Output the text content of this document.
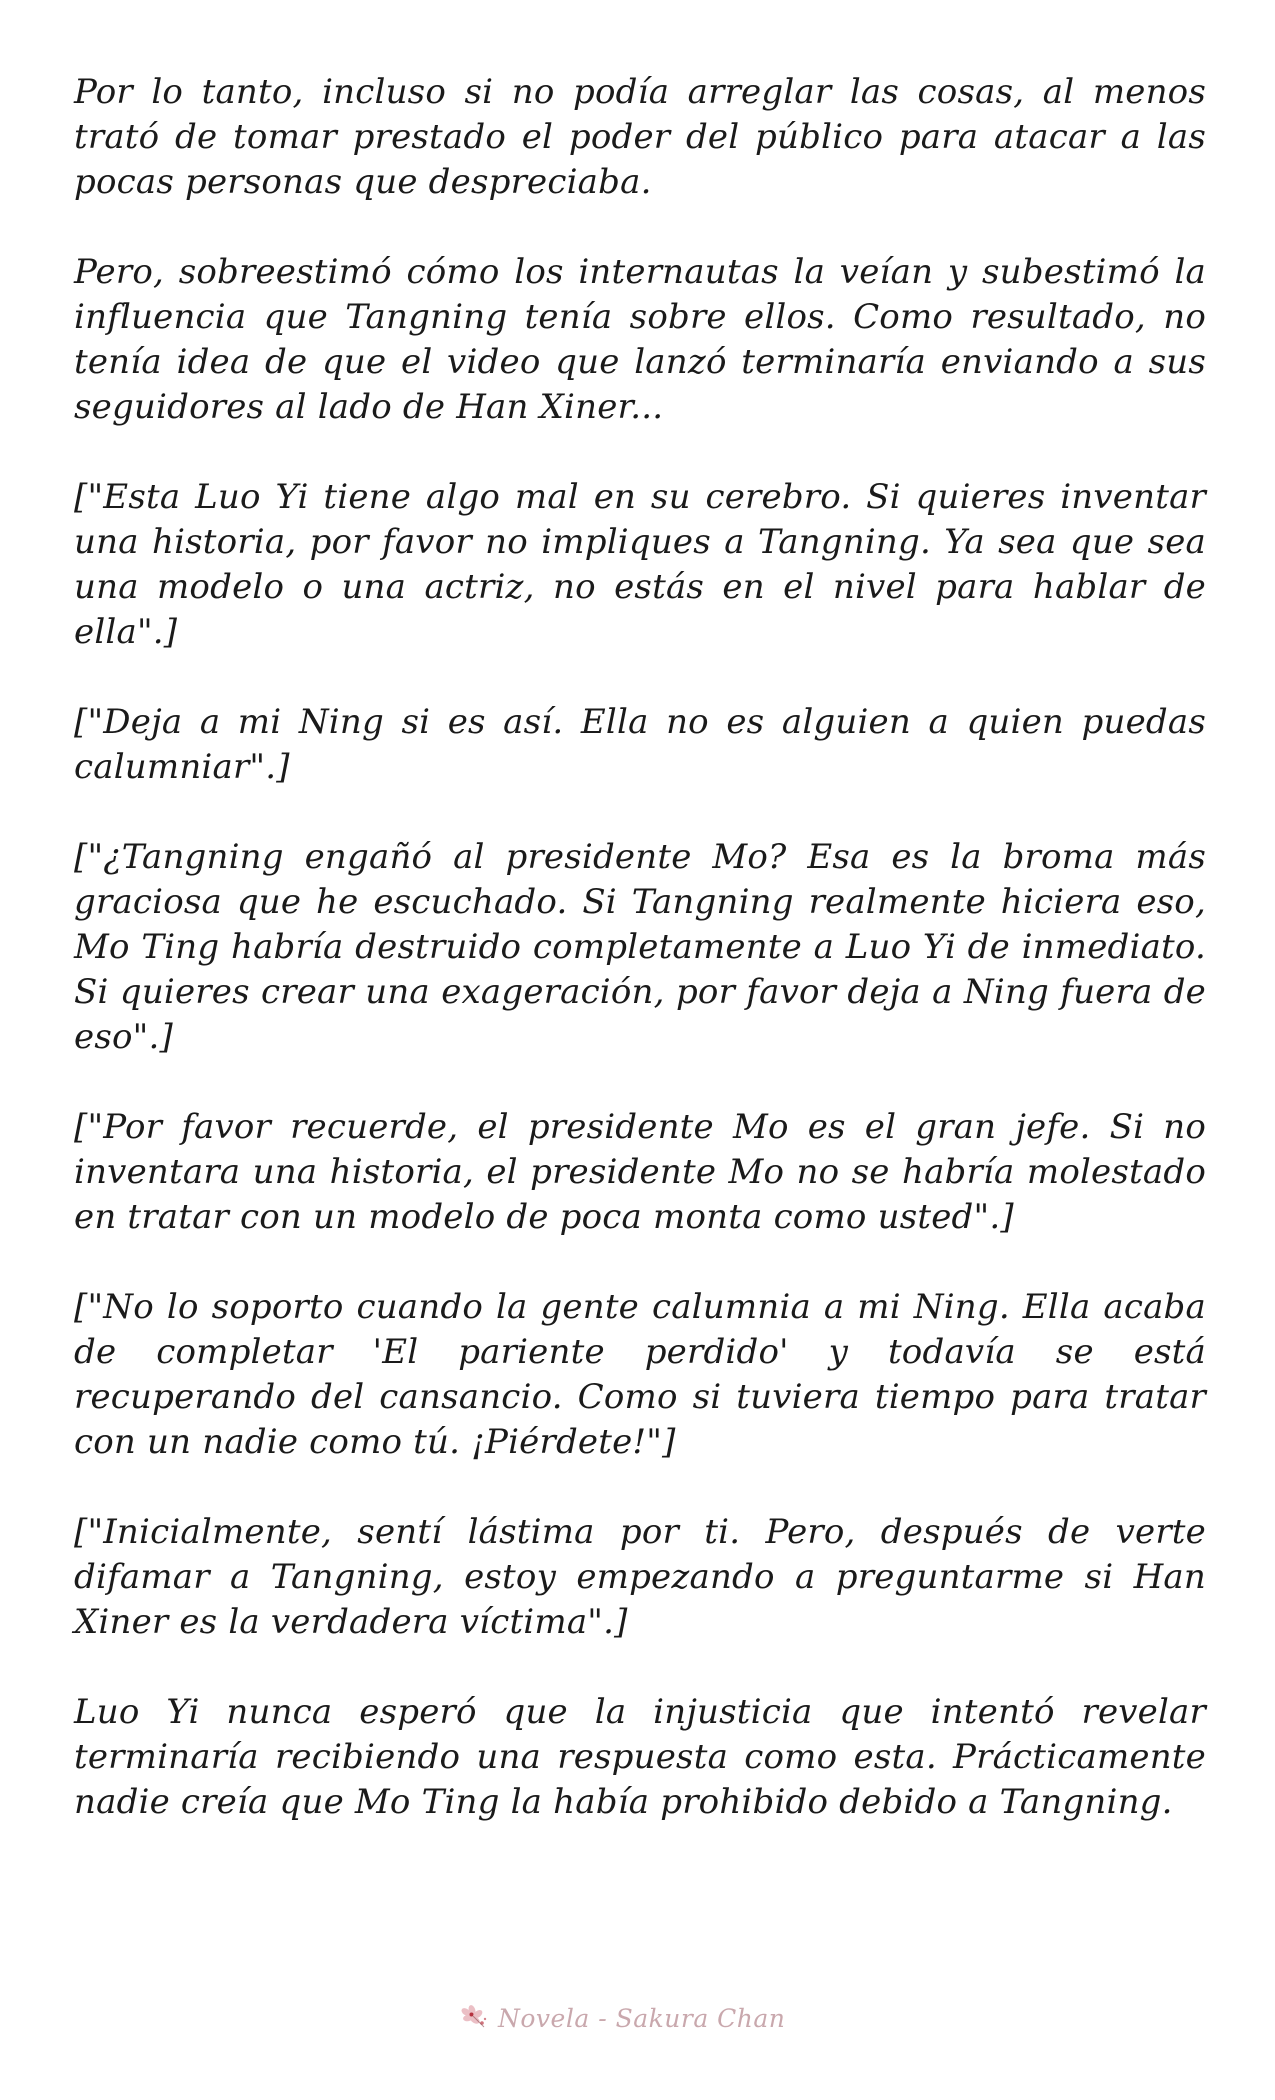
Por lo tanto, incluso si no podía arreglar las cosas, al menos trató de tomar prestado el poder del público para atacar a las pocas personas que despreciaba.

Pero, sobreestimó cómo los internautas la veían y subestimó la influencia que Tangning tenía sobre ellos. Como resultado, no tenía idea de que el video que lanzó terminaría enviando a sus seguidores al lado de Han Xiner...

["Esta Luo Yi tiene algo mal en su cerebro. Si quieres inventar una historia, por favor no impliques a Tangning. Ya sea que sea una modelo o una actriz, no estás en el nivel para hablar de ella".]

["Deja a mi Ning si es así. Ella no es alguien a quien puedas calumniar".]

["¿Tangning engañó al presidente Mo? Esa es la broma más graciosa que he escuchado. Si Tangning realmente hiciera eso, Mo Ting habría destruido completamente a Luo Yi de inmediato. Si quieres crear una exageración, por favor deja a Ning fuera de eso".]

["Por favor recuerde, el presidente Mo es el gran jefe. Si no inventara una historia, el presidente Mo no se habría molestado en tratar con un modelo de poca monta como usted".]

["No lo soporto cuando la gente calumnia a mi Ning. Ella acaba de completar 'El pariente perdido' y todavía se está recuperando del cansancio. Como si tuviera tiempo para tratar con un nadie como tú. ¡Piérdete!"]

["Inicialmente, sentí lástima por ti. Pero, después de verte difamar a Tangning, estoy empezando a preguntarme si Han Xiner es la verdadera víctima".]

Luo Yi nunca esperó que la injusticia que intentó revelar terminaría recibiendo una respuesta como esta. Prácticamente nadie creía que Mo Ting la había prohibido debido a Tangning.

Novela - Sakura Chan
